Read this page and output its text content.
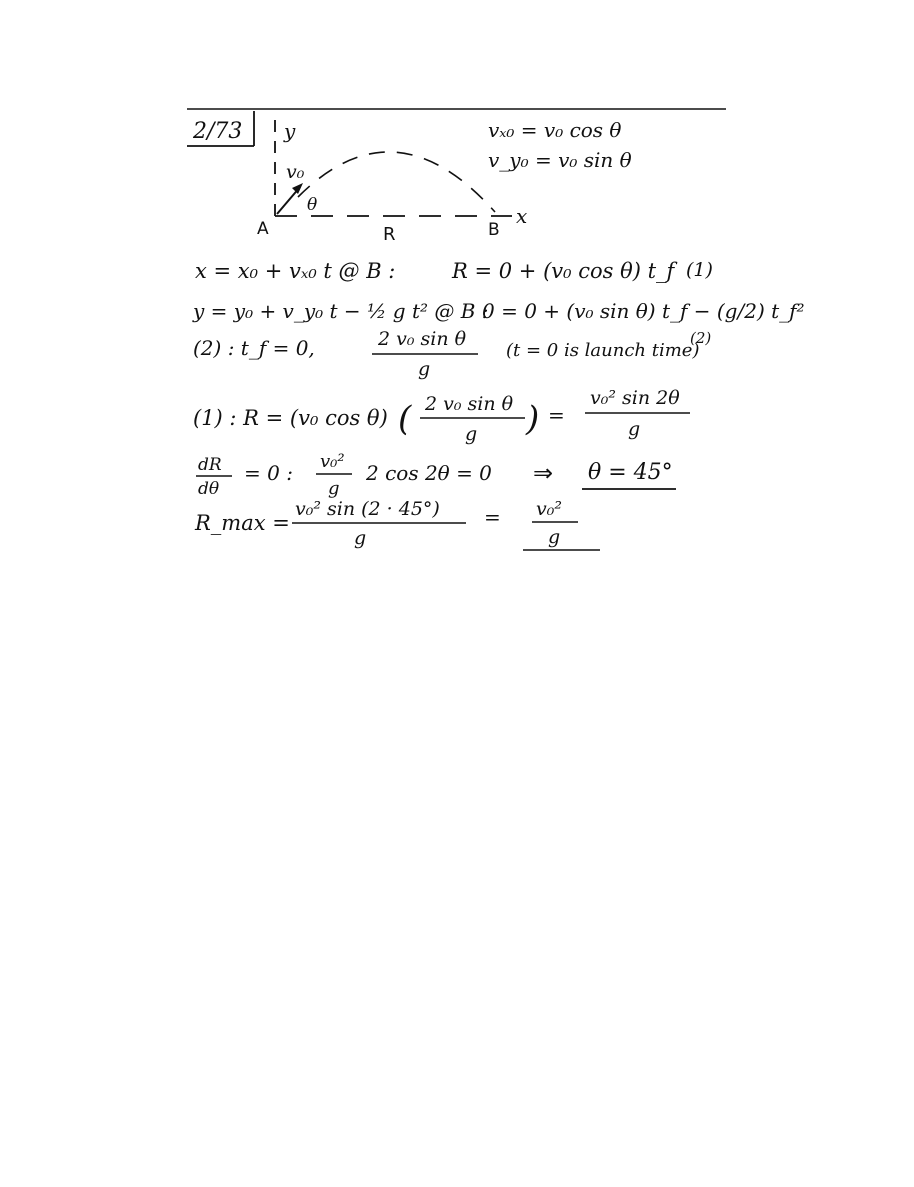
2/73 y
x
v₀
θ
A	B
R
vₓ₀ = v₀ cos θ
v_y₀ = v₀ sin θ
x = x₀ + vₓ₀ t @ B :	R = 0 + (v₀ cos θ) t_f (1)
y = y₀ + v_y₀ t − ½ g t² @ B :
0 = 0 + (v₀ sin θ) t_f − (g/2) t_f²
(2) : t_f = 0,	2 v₀ sin θ
g
(t = 0 is launch time)
(2)
(1) : R = (v₀ cos θ) ( 2 v₀ sin θ
g ) =
v₀² sin 2θ
g
dR
dθ
= 0 : v₀²
g
2 cos 2θ = 0 ⇒ θ = 45°
R_max =
v₀² sin (2 · 45°)
g
= v₀²
g
